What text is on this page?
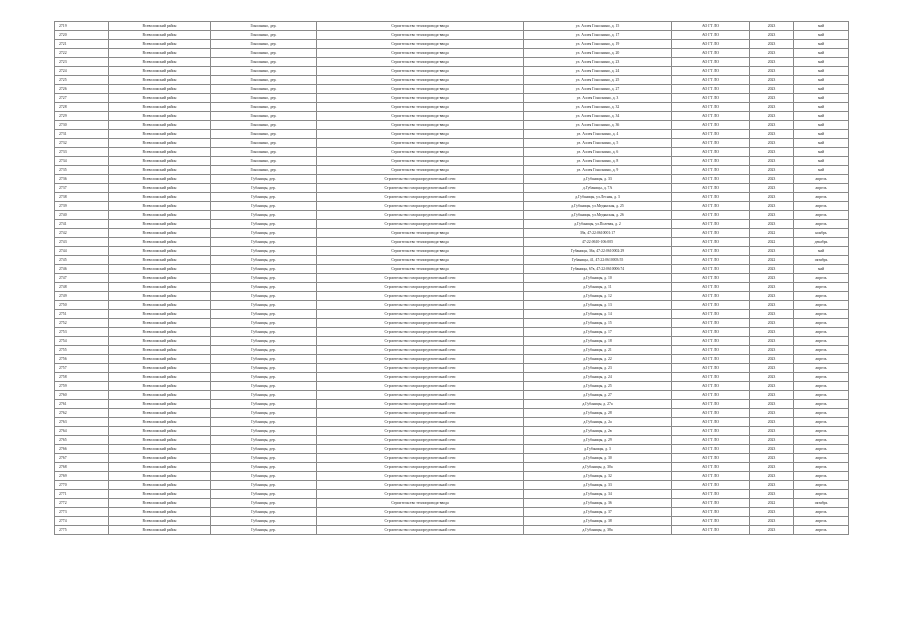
2719	Всеволожский район	Гонолнино, дер.	Строительство теплопровода-ввода	ул. Аллея Гонолнино, д. 15	АО ГТ ЛО	2023	май
2720	Всеволожский район	Гонолнино, дер.	Строительство теплопровода-ввода	ул. Аллея Гонолнино, д. 17	АО ГТ ЛО	2023	май
2721	Всеволожский район	Гонолнино, дер.	Строительство теплопровода-ввода	ул. Аллея Гонолнино, д. 19	АО ГТ ЛО	2023	май
2722	Всеволожский район	Гонолнино, дер.	Строительство теплопровода-ввода	ул. Аллея Гонолнино, д. 20	АО ГТ ЛО	2023	май
2723	Всеволожский район	Гонолнино, дер.	Строительство теплопровода-ввода	ул. Аллея Гонолнино, д. 23	АО ГТ ЛО	2023	май
2724	Всеволожский район	Гонолнино, дер.	Строительство теплопровода-ввода	ул. Аллея Гонолнино, д. 24	АО ГТ ЛО	2023	май
2725	Всеволожский район	Гонолнино, дер.	Строительство теплопровода-ввода	ул. Аллея Гонолнино, д. 25	АО ГТ ЛО	2023	май
2726	Всеволожский район	Гонолнино, дер.	Строительство теплопровода-ввода	ул. Аллея Гонолнино, д. 27	АО ГТ ЛО	2023	май
2727	Всеволожский район	Гонолнино, дер.	Строительство теплопровода-ввода	ул. Аллея Гонолнино, д. 3	АО ГТ ЛО	2023	май
2728	Всеволожский район	Гонолнино, дер.	Строительство теплопровода-ввода	ул. Аллея Гонолнино, д. 32	АО ГТ ЛО	2023	май
2729	Всеволожский район	Гонолнино, дер.	Строительство теплопровода-ввода	ул. Аллея Гонолнино, д. 34	АО ГТ ЛО	2023	май
2730	Всеволожский район	Гонолнино, дер.	Строительство теплопровода-ввода	ул. Аллея Гонолнино, д. 36	АО ГТ ЛО	2023	май
2731	Всеволожский район	Гонолнино, дер.	Строительство теплопровода-ввода	ул. Аллея Гонолнино, д. 4	АО ГТ ЛО	2023	май
2732	Всеволожский район	Гонолнино, дер.	Строительство теплопровода-ввода	ул. Аллея Гонолнино, д. 5	АО ГТ ЛО	2023	май
2733	Всеволожский район	Гонолнино, дер.	Строительство теплопровода-ввода	ул. Аллея Гонолнино, д. 6	АО ГТ ЛО	2023	май
2734	Всеволожский район	Гонолнино, дер.	Строительство теплопровода-ввода	ул. Аллея Гонолнино, д. 8	АО ГТ ЛО	2023	май
2735	Всеволожский район	Гонолнино, дер.	Строительство теплопровода-ввода	ул. Аллея Гонолнино, д. 9	АО ГТ ЛО	2023	май
2736	Всеволожский район	Губаницы, дер.	Строительство газораспределительной сети	д.Губаницы, д. 33	АО ГТ ЛО	2023	апрель
2737	Всеволожский район	Губаницы, дер.	Строительство газораспределительной сети	д.Губаницы, д. 7А	АО ГТ ЛО	2023	апрель
2738	Всеволожский район	Губаницы, дер.	Строительство газораспределительной сети	д.Губаницы, ул.Лесная, д. 3	АО ГТ ЛО	2023	апрель
2739	Всеволожский район	Губаницы, дер.	Строительство газораспределительной сети	д.Губаницы, ул.Медянская, д. 25	АО ГТ ЛО	2023	апрель
2740	Всеволожский район	Губаницы, дер.	Строительство газораспределительной сети	д.Губаницы, ул.Медянская, д. 26	АО ГТ ЛО	2023	апрель
2741	Всеволожский район	Губаницы, дер.	Строительство газораспределительной сети	д.Губаницы, ул.Полевая, д. 2	АО ГТ ЛО	2023	апрель
2742	Всеволожский район	Губаницы, дер.	Строительство теплопровода-ввода	39а, 47:22:0610001:17	АО ГТ ЛО	2022	ноябрь
2743	Всеволожский район	Губаницы, дер.	Строительство теплопровода-ввода	47:22:0610-106:005	АО ГТ ЛО	2022	декабрь
2744	Всеволожский район	Губаницы, дер.	Строительство теплопровода-ввода	Губаницы, 36а, 47:22:0610002:29	АО ГТ ЛО	2023	май
2745	Всеволожский район	Губаницы, дер.	Строительство теплопровода-ввода	Губаницы, 41, 47:22:0610003:55	АО ГТ ЛО	2022	октябрь
2746	Всеволожский район	Губаницы, дер.	Строительство теплопровода-ввода	Губаницы, 67в, 47:22:0610006:74	АО ГТ ЛО	2023	май
2747	Всеволожский район	Губаницы, дер.	Строительство газораспределительной сети	д.Губаницы, д. 10	АО ГТ ЛО	2023	апрель
2748	Всеволожский район	Губаницы, дер.	Строительство газораспределительной сети	д.Губаницы, д. 11	АО ГТ ЛО	2023	апрель
2749	Всеволожский район	Губаницы, дер.	Строительство газораспределительной сети	д.Губаницы, д. 12	АО ГТ ЛО	2023	апрель
2750	Всеволожский район	Губаницы, дер.	Строительство газораспределительной сети	д.Губаницы, д. 13	АО ГТ ЛО	2023	апрель
2751	Всеволожский район	Губаницы, дер.	Строительство газораспределительной сети	д.Губаницы, д. 14	АО ГТ ЛО	2023	апрель
2752	Всеволожский район	Губаницы, дер.	Строительство газораспределительной сети	д.Губаницы, д. 15	АО ГТ ЛО	2023	апрель
2753	Всеволожский район	Губаницы, дер.	Строительство газораспределительной сети	д.Губаницы, д. 17	АО ГТ ЛО	2023	апрель
2754	Всеволожский район	Губаницы, дер.	Строительство газораспределительной сети	д.Губаницы, д. 18	АО ГТ ЛО	2023	апрель
2755	Всеволожский район	Губаницы, дер.	Строительство газораспределительной сети	д.Губаницы, д. 21	АО ГТ ЛО	2023	апрель
2756	Всеволожский район	Губаницы, дер.	Строительство газораспределительной сети	д.Губаницы, д. 22	АО ГТ ЛО	2023	апрель
2757	Всеволожский район	Губаницы, дер.	Строительство газораспределительной сети	д.Губаницы, д. 23	АО ГТ ЛО	2023	апрель
2758	Всеволожский район	Губаницы, дер.	Строительство газораспределительной сети	д.Губаницы, д. 24	АО ГТ ЛО	2023	апрель
2759	Всеволожский район	Губаницы, дер.	Строительство газораспределительной сети	д.Губаницы, д. 25	АО ГТ ЛО	2023	апрель
2760	Всеволожский район	Губаницы, дер.	Строительство газораспределительной сети	д.Губаницы, д. 27	АО ГТ ЛО	2023	апрель
2761	Всеволожский район	Губаницы, дер.	Строительство газораспределительной сети	д.Губаницы, д. 27а	АО ГТ ЛО	2023	апрель
2762	Всеволожский район	Губаницы, дер.	Строительство газораспределительной сети	д.Губаницы, д. 28	АО ГТ ЛО	2023	апрель
2763	Всеволожский район	Губаницы, дер.	Строительство газораспределительной сети	д.Губаницы, д. 2а	АО ГТ ЛО	2023	апрель
2764	Всеволожский район	Губаницы, дер.	Строительство газораспределительной сети	д.Губаницы, д. 2в	АО ГТ ЛО	2023	апрель
2765	Всеволожский район	Губаницы, дер.	Строительство газораспределительной сети	д.Губаницы, д. 29	АО ГТ ЛО	2023	апрель
2766	Всеволожский район	Губаницы, дер.	Строительство газораспределительной сети	д.Губаницы, д. 3	АО ГТ ЛО	2023	апрель
2767	Всеволожский район	Губаницы, дер.	Строительство газораспределительной сети	д.Губаницы, д. 30	АО ГТ ЛО	2023	апрель
2768	Всеволожский район	Губаницы, дер.	Строительство газораспределительной сети	д.Губаницы, д. 30а	АО ГТ ЛО	2023	апрель
2769	Всеволожский район	Губаницы, дер.	Строительство газораспределительной сети	д.Губаницы, д. 32	АО ГТ ЛО	2023	апрель
2770	Всеволожский район	Губаницы, дер.	Строительство газораспределительной сети	д.Губаницы, д. 33	АО ГТ ЛО	2023	апрель
2771	Всеволожский район	Губаницы, дер.	Строительство газораспределительной сети	д.Губаницы, д. 34	АО ГТ ЛО	2023	апрель
2772	Всеволожский район	Губаницы, дер.	Строительство теплопровода-ввода	д.Губаницы, д. 36	АО ГТ ЛО	2022	октябрь
2773	Всеволожский район	Губаницы, дер.	Строительство газораспределительной сети	д.Губаницы, д. 37	АО ГТ ЛО	2023	апрель
2774	Всеволожский район	Губаницы, дер.	Строительство газораспределительной сети	д.Губаницы, д. 38	АО ГТ ЛО	2023	апрель
2775	Всеволожский район	Губаницы, дер.	Строительство газораспределительной сети	д.Губаницы, д. 38а	АО ГТ ЛО	2023	апрель
